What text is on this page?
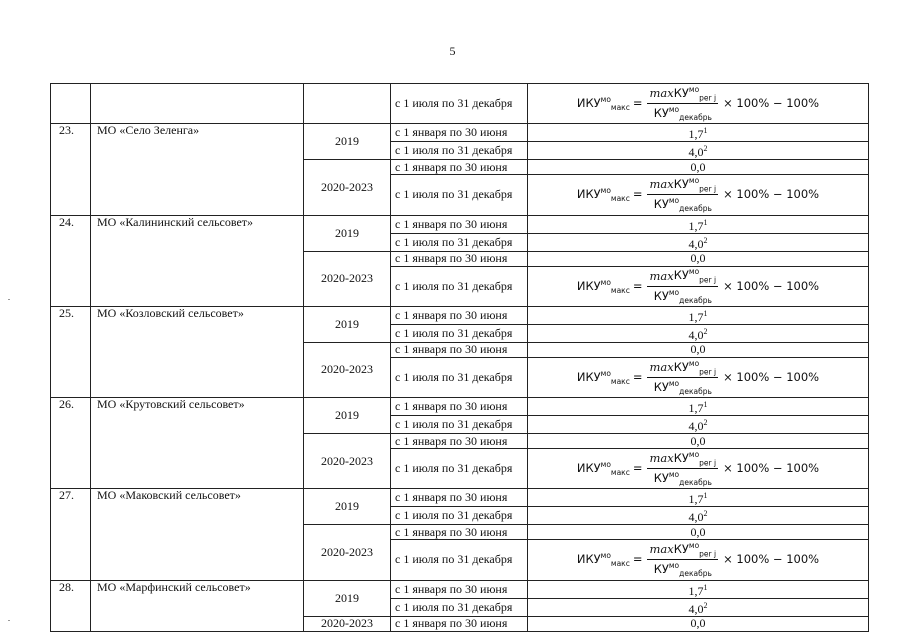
5
			с 1 июля по 31 декабря	$ИКУ^{мо}_{макс} = \frac{\max КУ^{мо}_{per j}}{КУ^{мо}_{декабрь}} \times 100\% - 100\%$

23.	МО «Село Зеленга»	2019	с 1 января по 30 июня	$1,7^1$
			с 1 июля по 31 декабря	$4,0^2$
		2020-2023	с 1 января по 30 июня	0,0
			с 1 июля по 31 декабря	$ИКУ^{мо}_{макс} = \frac{\max КУ^{мо}_{per j}}{КУ^{мо}_{декабрь}} \times 100\% - 100\%$

24.	МО «Калининский сельсовет»	2019	с 1 января по 30 июня	$1,7^1$
			с 1 июля по 31 декабря	$4,0^2$
		2020-2023	с 1 января по 30 июня	0,0
			с 1 июля по 31 декабря	$ИКУ^{мо}_{макс} = \frac{\max КУ^{мо}_{per j}}{КУ^{мо}_{декабрь}} \times 100\% - 100\%$

25.	МО «Козловский сельсовет»	2019	с 1 января по 30 июня	$1,7^1$
			с 1 июля по 31 декабря	$4,0^2$
		2020-2023	с 1 января по 30 июня	0,0
			с 1 июля по 31 декабря	$ИКУ^{мо}_{макс} = \frac{\max КУ^{мо}_{per j}}{КУ^{мо}_{декабрь}} \times 100\% - 100\%$

26.	МО «Крутовский сельсовет»	2019	с 1 января по 30 июня	$1,7^1$
			с 1 июля по 31 декабря	$4,0^2$
		2020-2023	с 1 января по 30 июня	0,0
			с 1 июля по 31 декабря	$ИКУ^{мо}_{макс} = \frac{\max КУ^{мо}_{per j}}{КУ^{мо}_{декабрь}} \times 100\% - 100\%$

27.	МО «Маковский сельсовет»	2019	с 1 января по 30 июня	$1,7^1$
			с 1 июля по 31 декабря	$4,0^2$
		2020-2023	с 1 января по 30 июня	0,0
			с 1 июля по 31 декабря	$ИКУ^{мо}_{макс} = \frac{\max КУ^{мо}_{per j}}{КУ^{мо}_{декабрь}} \times 100\% - 100\%$

28.	МО «Марфинский сельсовет»	2019	с 1 января по 30 июня	$1,7^1$
			с 1 июля по 31 декабря	$4,0^2$
		2020-2023	с 1 января по 30 июня	0,0
